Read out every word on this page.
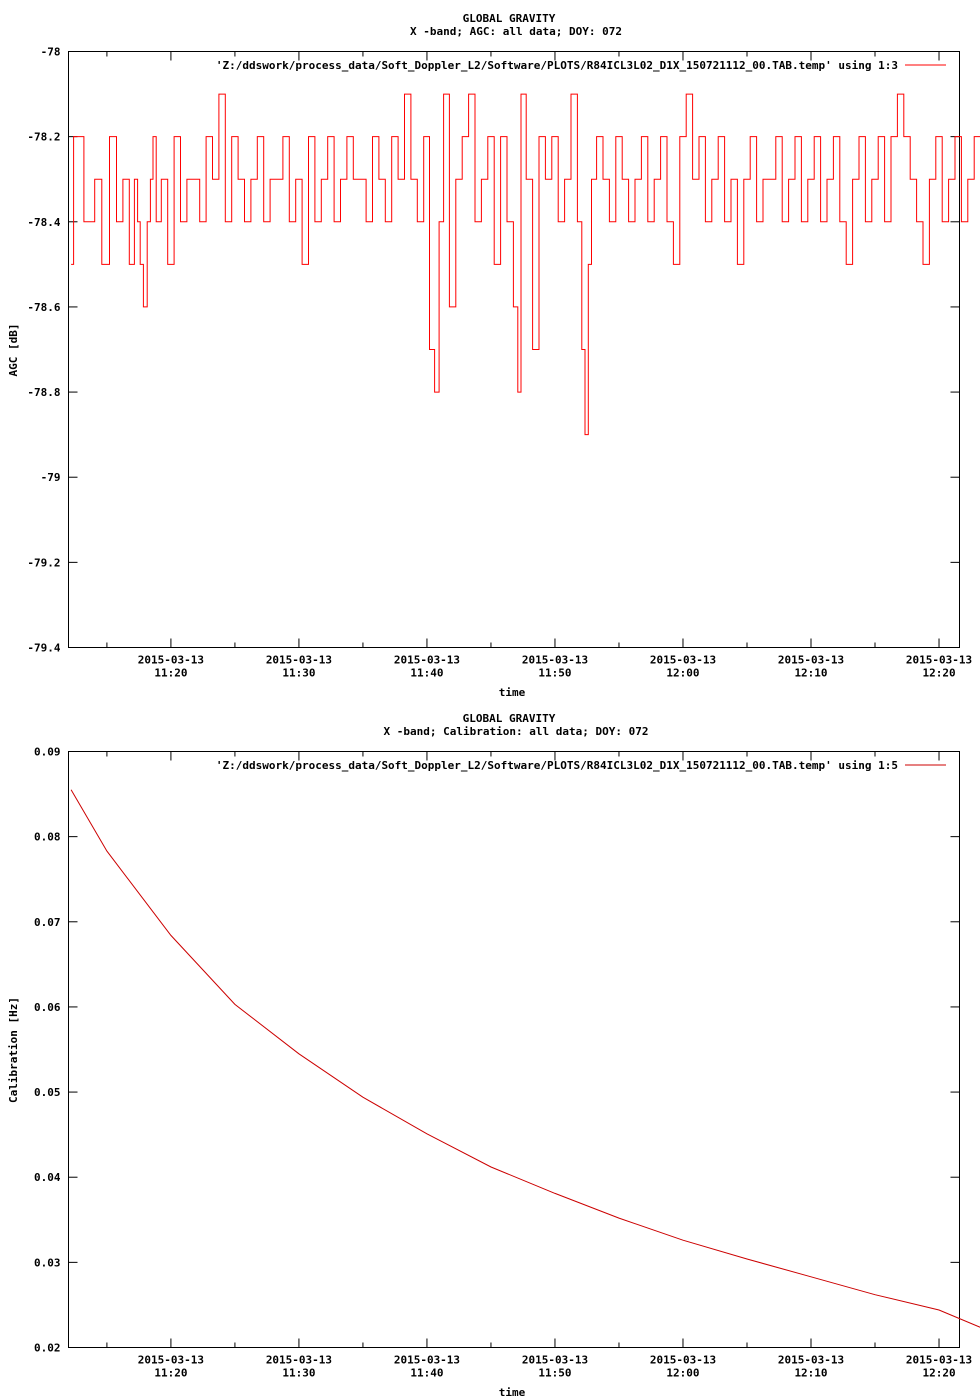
GLOBAL GRAVITY
X -band; AGC: all data; DOY: 072
-78
-78.2
-78.4
-78.6
-78.8
-79
-79.2
-79.4
2015-03-13
11:20
2015-03-13
11:30
2015-03-13
11:40
2015-03-13
11:50
2015-03-13
12:00
2015-03-13
12:10
2015-03-13
12:20
AGC [dB]
time
'Z:/ddswork/process_data/Soft_Doppler_L2/Software/PLOTS/R84ICL3L02_D1X_150721112_00.TAB.temp' using 1:3
GLOBAL GRAVITY
X -band; Calibration: all data; DOY: 072
0.09
0.08
0.07
0.06
0.05
0.04
0.03
0.02
2015-03-13
11:20
2015-03-13
11:30
2015-03-13
11:40
2015-03-13
11:50
2015-03-13
12:00
2015-03-13
12:10
2015-03-13
12:20
Calibration [Hz]
time
'Z:/ddswork/process_data/Soft_Doppler_L2/Software/PLOTS/R84ICL3L02_D1X_150721112_00.TAB.temp' using 1:5
